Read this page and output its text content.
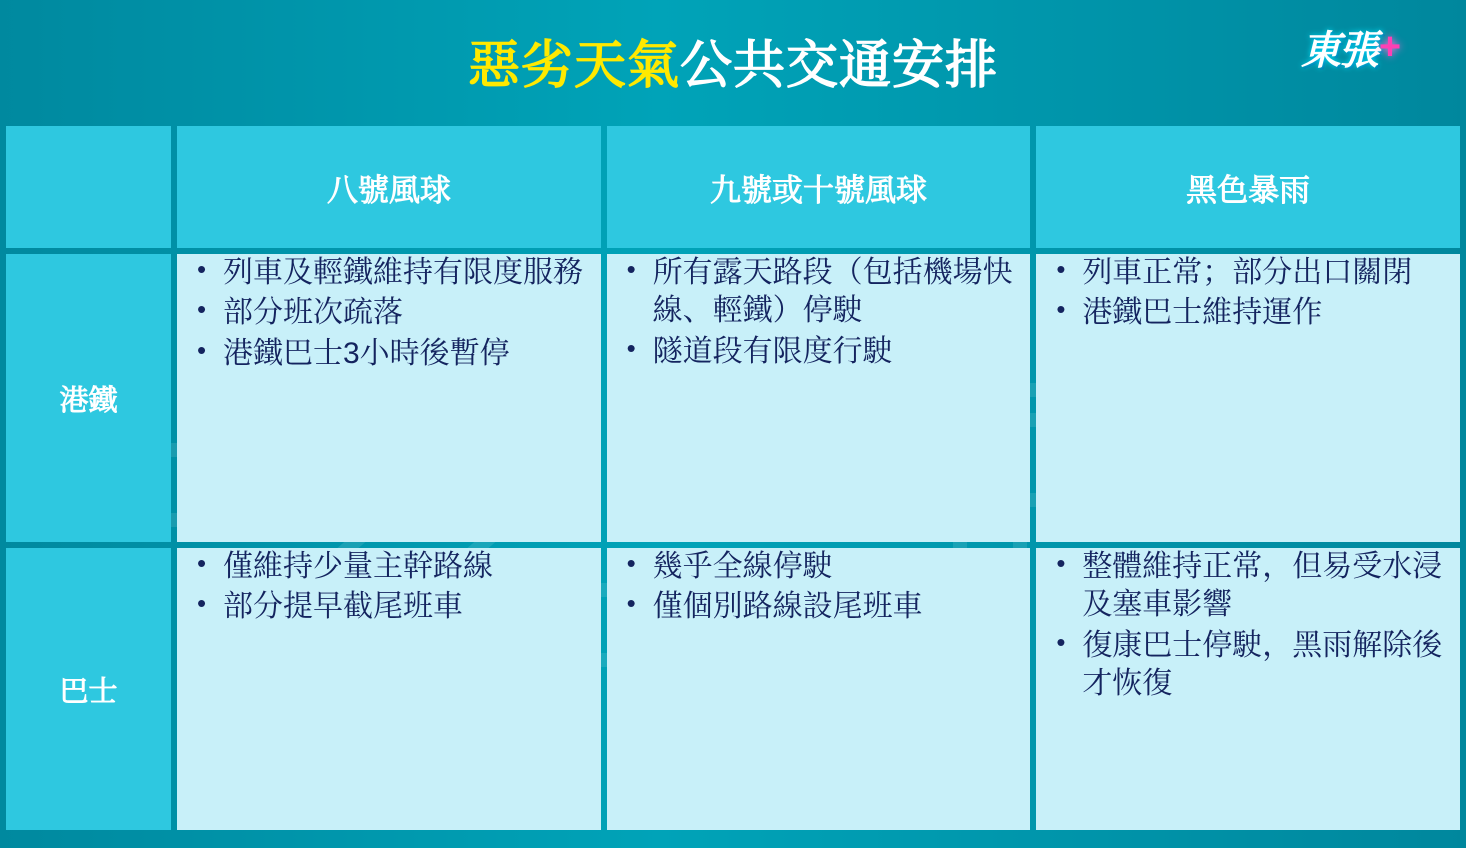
惡劣天氣公共交通安排	東張 +
	八號風球	九號或十號風球	黑色暴雨
港鐵	
• 列車及輕鐵維持有限度服務
• 部分班次疏落
• 港鐵巴士3小時後暫停

• 所有露天路段（包括機場快線、輕鐵）停駛
• 隧道段有限度行駛

• 列車正常；部分出口關閉
• 港鐵巴士維持運作

巴士	
• 僅維持少量主幹路線
• 部分提早截尾班車

• 幾乎全線停駛
• 僅個別路線設尾班車

• 整體維持正常，但易受水浸及塞車影響
• 復康巴士停駛，黑雨解除後才恢復
